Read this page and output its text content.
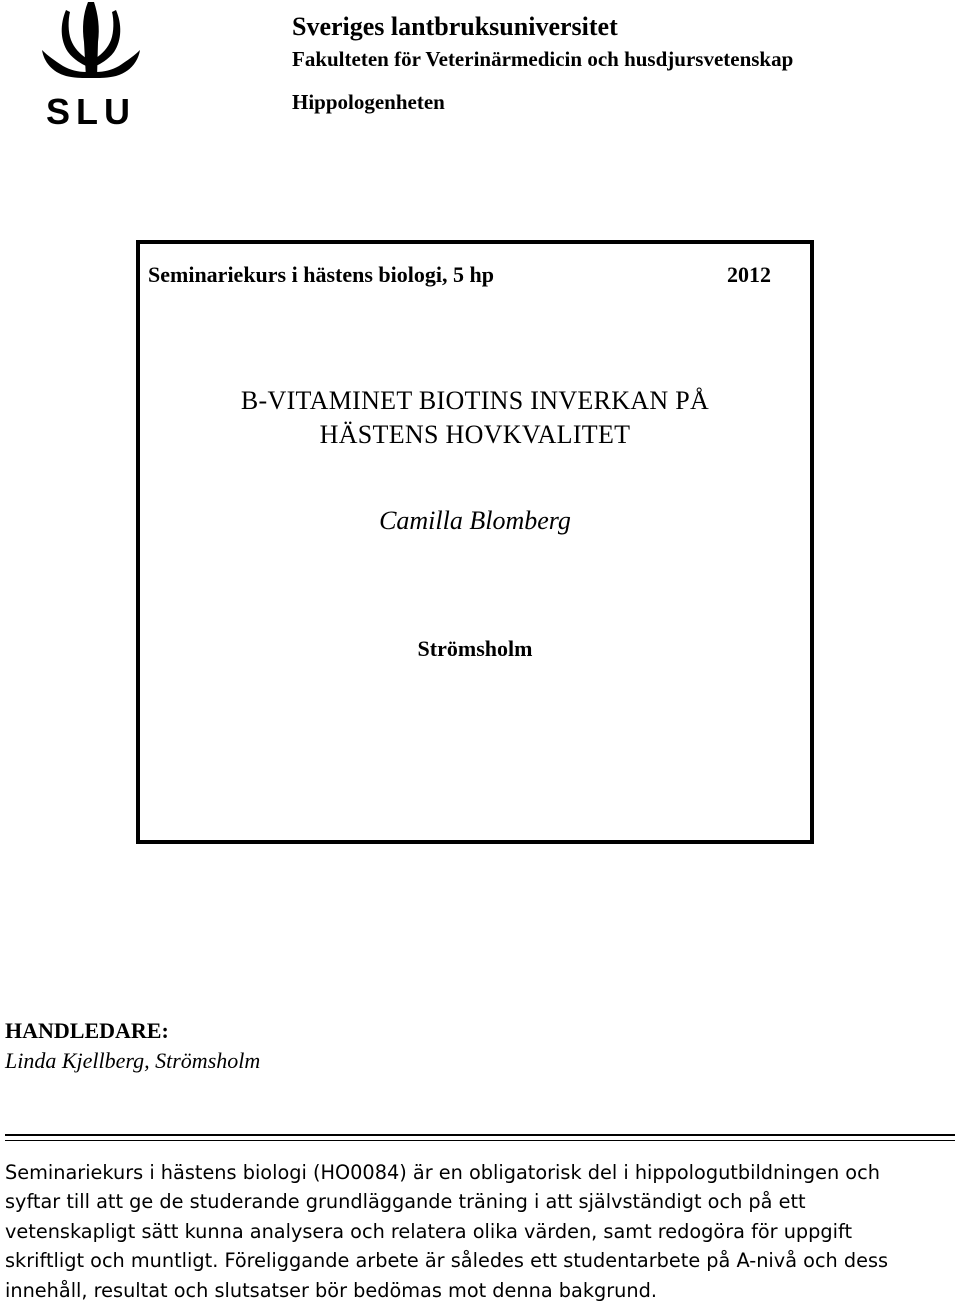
SLU
Sveriges lantbruksuniversitet
Fakulteten för Veterinärmedicin och husdjursvetenskap
Hippologenheten
Seminariekurs i hästens biologi, 5 hp	2012
B-VITAMINET BIOTINS INVERKAN PÅ
HÄSTENS HOVKVALITET
Camilla Blomberg
Strömsholm
HANDLEDARE:
Linda Kjellberg, Strömsholm
Seminariekurs i hästens biologi (HO0084) är en obligatorisk del i hippologutbildningen och
syftar till att ge de studerande grundläggande träning i att självständigt och på ett
vetenskapligt sätt kunna analysera och relatera olika värden, samt redogöra för uppgift
skriftligt och muntligt. Föreliggande arbete är således ett studentarbete på A-nivå och dess
innehåll, resultat och slutsatser bör bedömas mot denna bakgrund.
